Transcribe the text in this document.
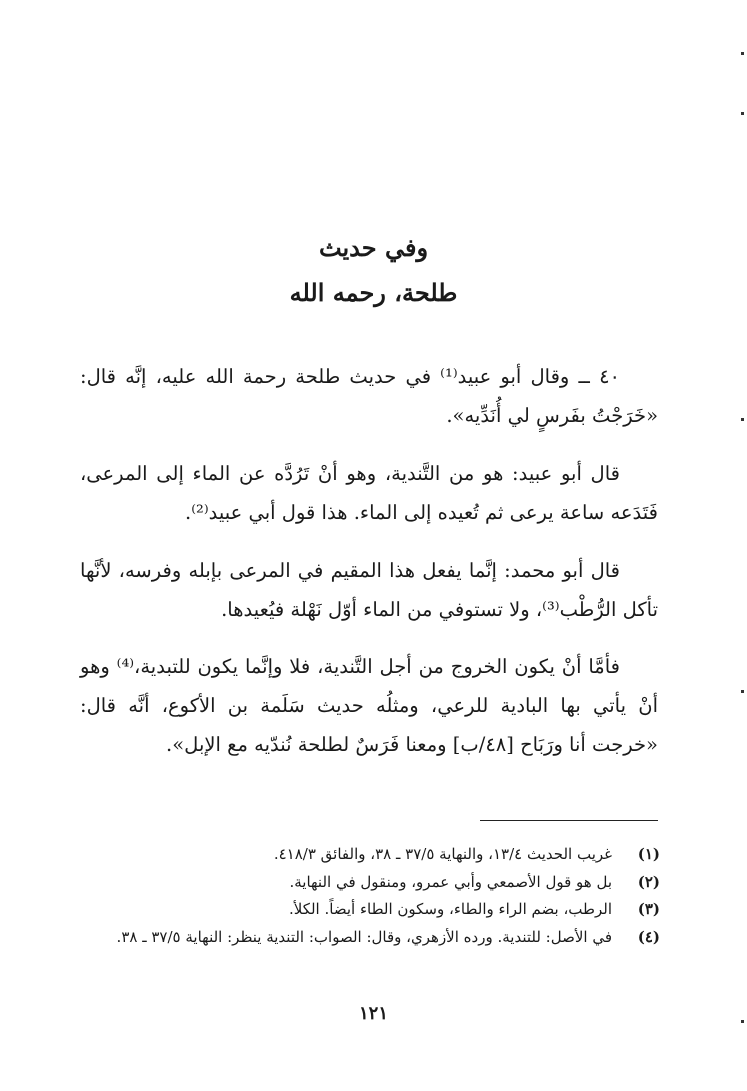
وفي حديث
طلحة، رحمه الله
٤٠ ــ وقال أبو عبيد⁽¹⁾ في حديث طلحة رحمة الله عليه، إنَّه قال: «خَرَجْتُ بفَرسٍ لي أُنَدِّيه».
قال أبو عبيد: هو من التَّندية، وهو أنْ تَرُدَّه عن الماء إلى المرعى، فَتَدَعه ساعة يرعى ثم تُعيده إلى الماء. هذا قول أبي عبيد⁽²⁾.
قال أبو محمد: إنَّما يفعل هذا المقيم في المرعى بإبله وفرسه، لأنَّها تأكل الرُّطْب⁽³⁾، ولا تستوفي من الماء أوّل نَهْلة فيُعيدها.
فأمَّا أنْ يكون الخروج من أجل التَّندية، فلا وإنَّما يكون للتبدية،⁽⁴⁾ وهو أنْ يأتي بها البادية للرعي، ومثلُه حديث سَلَمة بن الأكوع، أنَّه قال: «خرجت أنا ورَبَاح [٤٨/ب] ومعنا فَرَسٌ لطلحة نُندّيه مع الإبل».
(١)
غريب الحديث ١٣/٤، والنهاية ٣٧/٥ ـ ٣٨، والفائق ٤١٨/٣.
(٢)
بل هو قول الأصمعي وأبي عمرو، ومنقول في النهاية.
(٣)
الرطب، بضم الراء والطاء، وسكون الطاء أيضاً. الكلأ.
(٤)
في الأصل: للتندية. ورده الأزهري، وقال: الصواب: التندية ينظر: النهاية ٣٧/٥ ـ ٣٨.
١٢١
